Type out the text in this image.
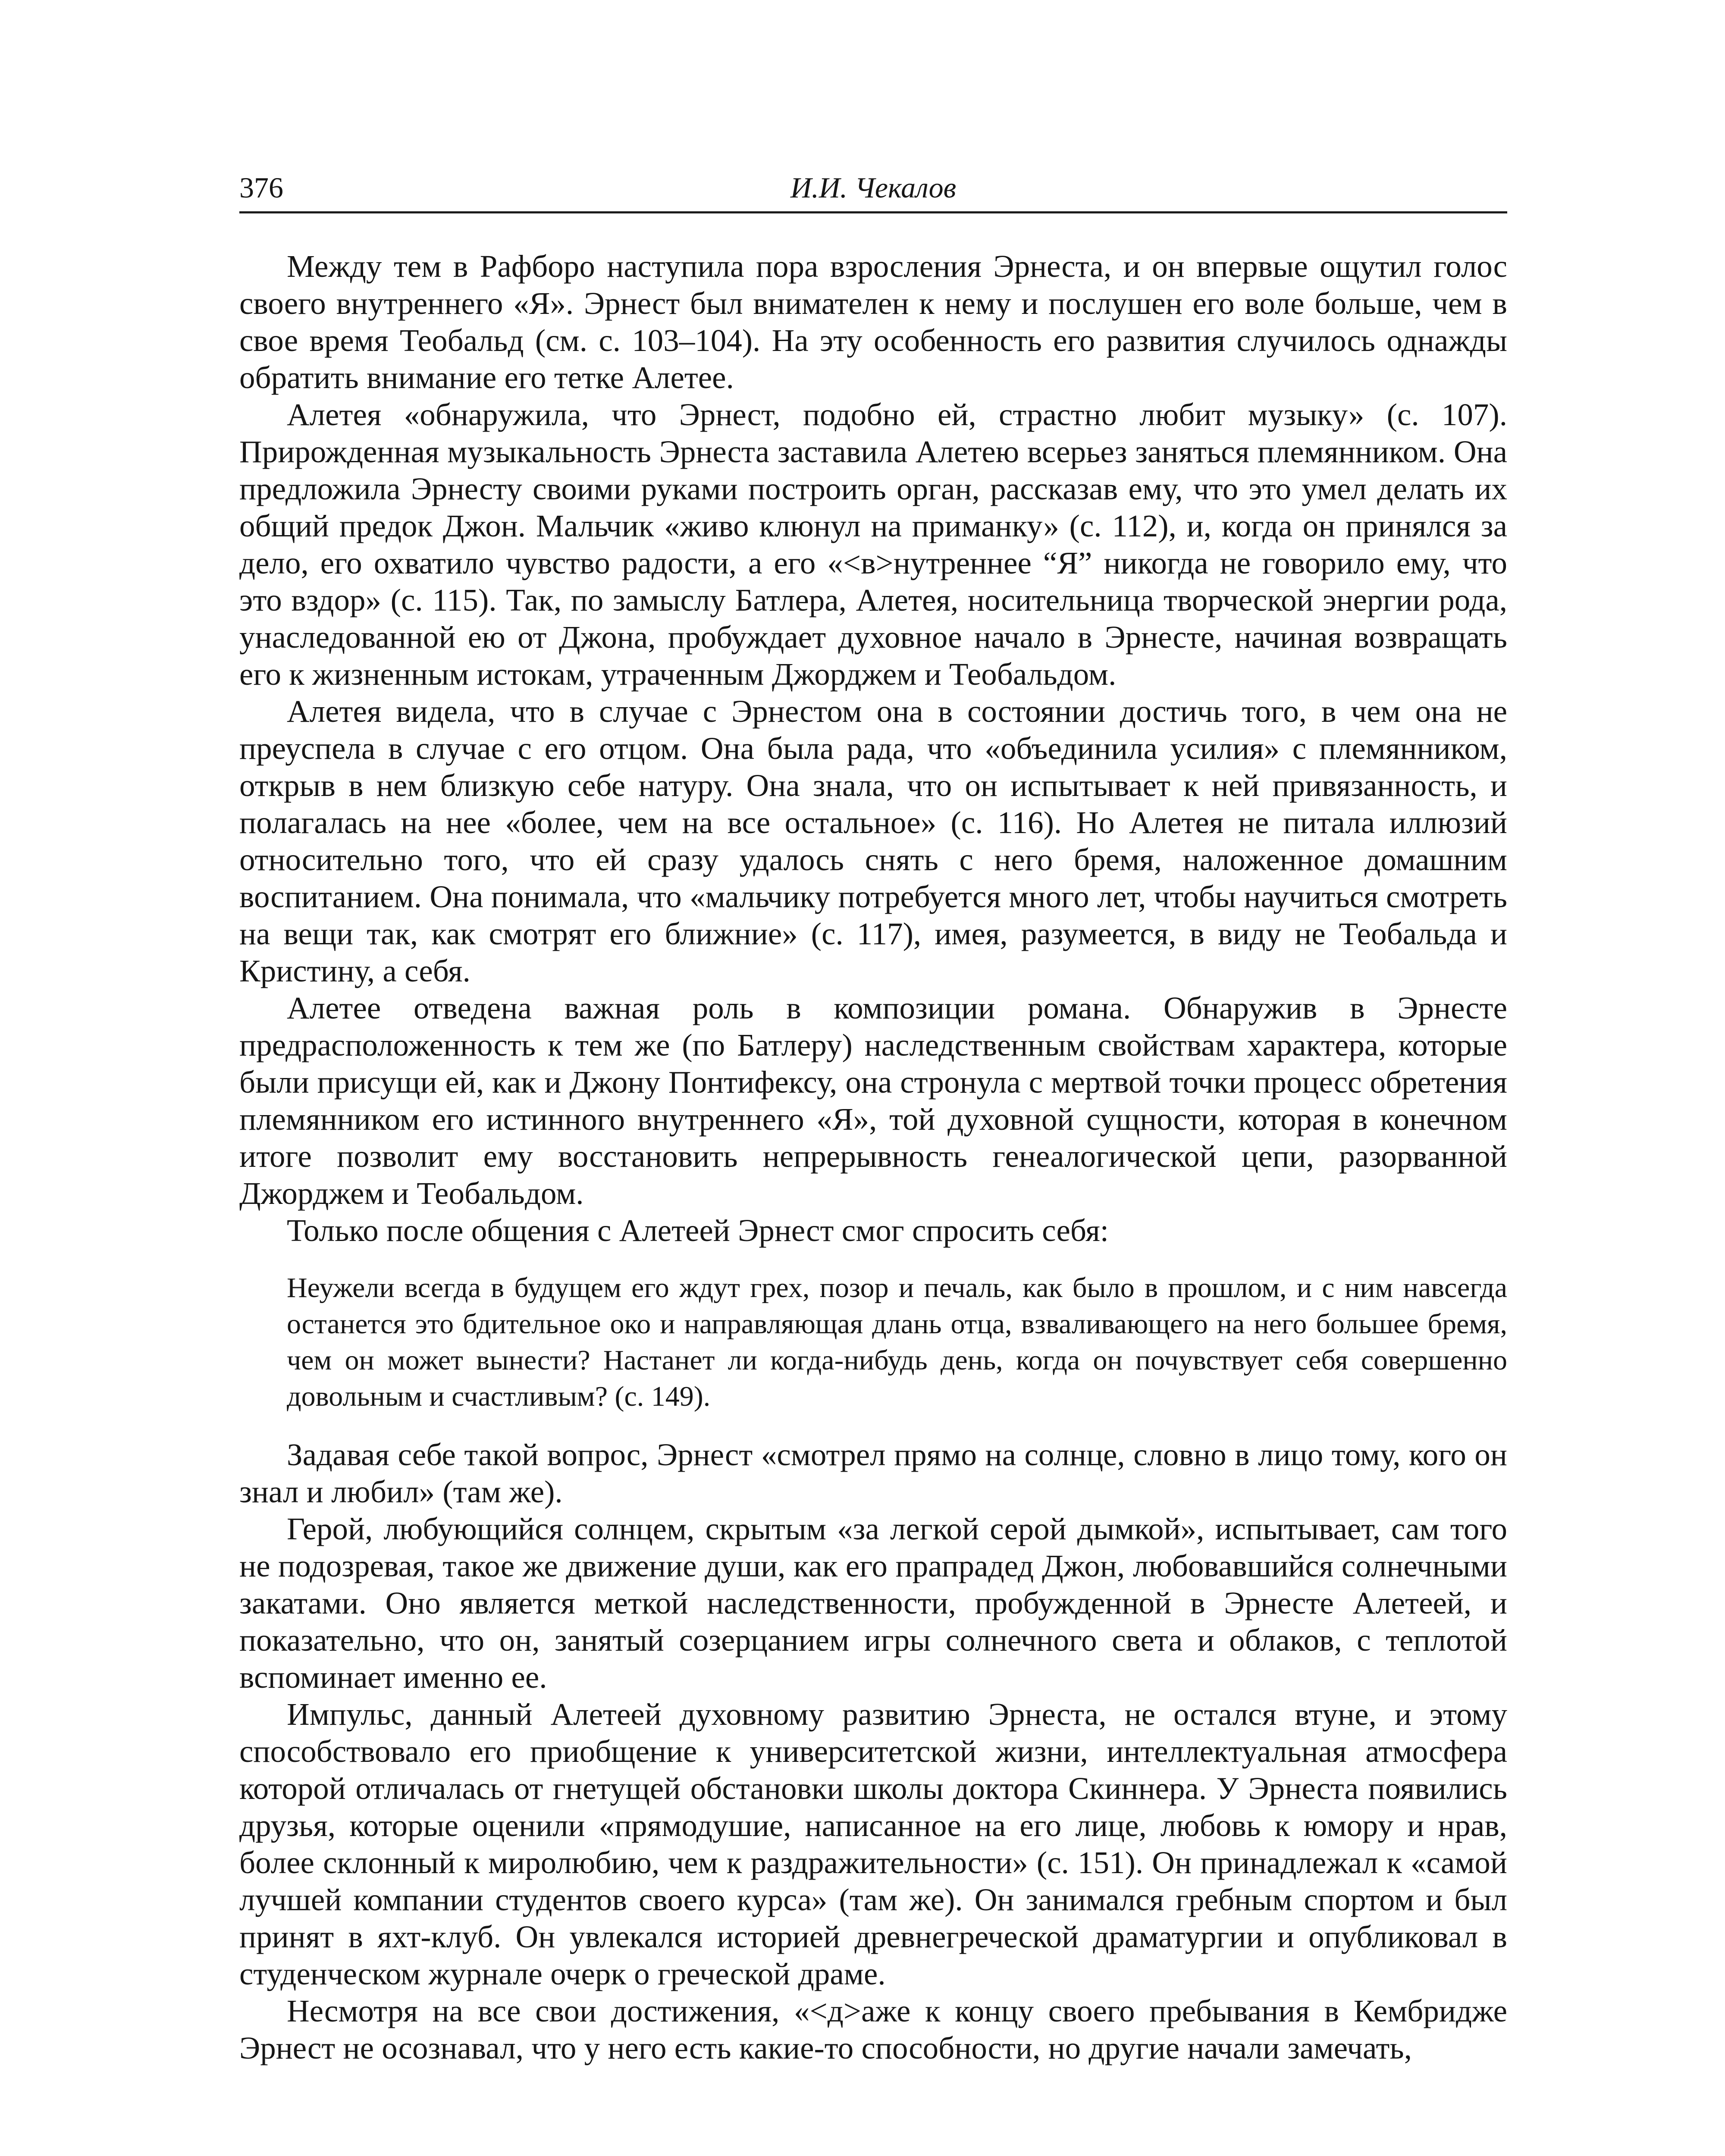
376	И.И. Чекалов

Между тем в Рафборо наступила пора взросления Эрнеста, и он впервые ощутил голос своего внутреннего «Я». Эрнест был внимателен к нему и послушен его воле больше, чем в свое время Теобальд (см. с. 103–104). На эту особенность его развития случилось однажды обратить внимание его тетке Алетее.

Алетея «обнаружила, что Эрнест, подобно ей, страстно любит музыку» (с. 107). Прирожденная музыкальность Эрнеста заставила Алетею всерьез заняться племянником. Она предложила Эрнесту своими руками построить орган, рассказав ему, что это умел делать их общий предок Джон. Мальчик «живо клюнул на приманку» (с. 112), и, когда он принялся за дело, его охватило чувство радости, а его «<в>нутреннее “Я” никогда не говорило ему, что это вздор» (с. 115). Так, по замыслу Батлера, Алетея, носительница творческой энергии рода, унаследованной ею от Джона, пробуждает духовное начало в Эрнесте, начиная возвращать его к жизненным истокам, утраченным Джорджем и Теобальдом.

Алетея видела, что в случае с Эрнестом она в состоянии достичь того, в чем она не преуспела в случае с его отцом. Она была рада, что «объединила усилия» с племянником, открыв в нем близкую себе натуру. Она знала, что он испытывает к ней привязанность, и полагалась на нее «более, чем на все остальное» (с. 116). Но Алетея не питала иллюзий относительно того, что ей сразу удалось снять с него бремя, наложенное домашним воспитанием. Она понимала, что «мальчику потребуется много лет, чтобы научиться смотреть на вещи так, как смотрят его ближние» (с. 117), имея, разумеется, в виду не Теобальда и Кристину, а себя.

Алетее отведена важная роль в композиции романа. Обнаружив в Эрнесте предрасположенность к тем же (по Батлеру) наследственным свойствам характера, которые были присущи ей, как и Джону Понтифексу, она стронула с мертвой точки процесс обретения племянником его истинного внутреннего «Я», той духовной сущности, которая в конечном итоге позволит ему восстановить непрерывность генеалогической цепи, разорванной Джорджем и Теобальдом.

Только после общения с Алетеей Эрнест смог спросить себя:

Неужели всегда в будущем его ждут грех, позор и печаль, как было в прошлом, и с ним навсегда останется это бдительное око и направляющая длань отца, взваливающего на него большее бремя, чем он может вынести? Настанет ли когда-нибудь день, когда он почувствует себя совершенно довольным и счастливым? (с. 149).

Задавая себе такой вопрос, Эрнест «смотрел прямо на солнце, словно в лицо тому, кого он знал и любил» (там же).

Герой, любующийся солнцем, скрытым «за легкой серой дымкой», испытывает, сам того не подозревая, такое же движение души, как его прапрадед Джон, любовавшийся солнечными закатами. Оно является меткой наследственности, пробужденной в Эрнесте Алетеей, и показательно, что он, занятый созерцанием игры солнечного света и облаков, с теплотой вспоминает именно ее.

Импульс, данный Алетеей духовному развитию Эрнеста, не остался втуне, и этому способствовало его приобщение к университетской жизни, интеллектуальная атмосфера которой отличалась от гнетущей обстановки школы доктора Скиннера. У Эрнеста появились друзья, которые оценили «прямодушие, написанное на его лице, любовь к юмору и нрав, более склонный к миролюбию, чем к раздражительности» (с. 151). Он принадлежал к «самой лучшей компании студентов своего курса» (там же). Он занимался гребным спортом и был принят в яхт-клуб. Он увлекался историей древнегреческой драматургии и опубликовал в студенческом журнале очерк о греческой драме.

Несмотря на все свои достижения, «<д>аже к концу своего пребывания в Кембридже Эрнест не осознавал, что у него есть какие-то способности, но другие начали замечать,
